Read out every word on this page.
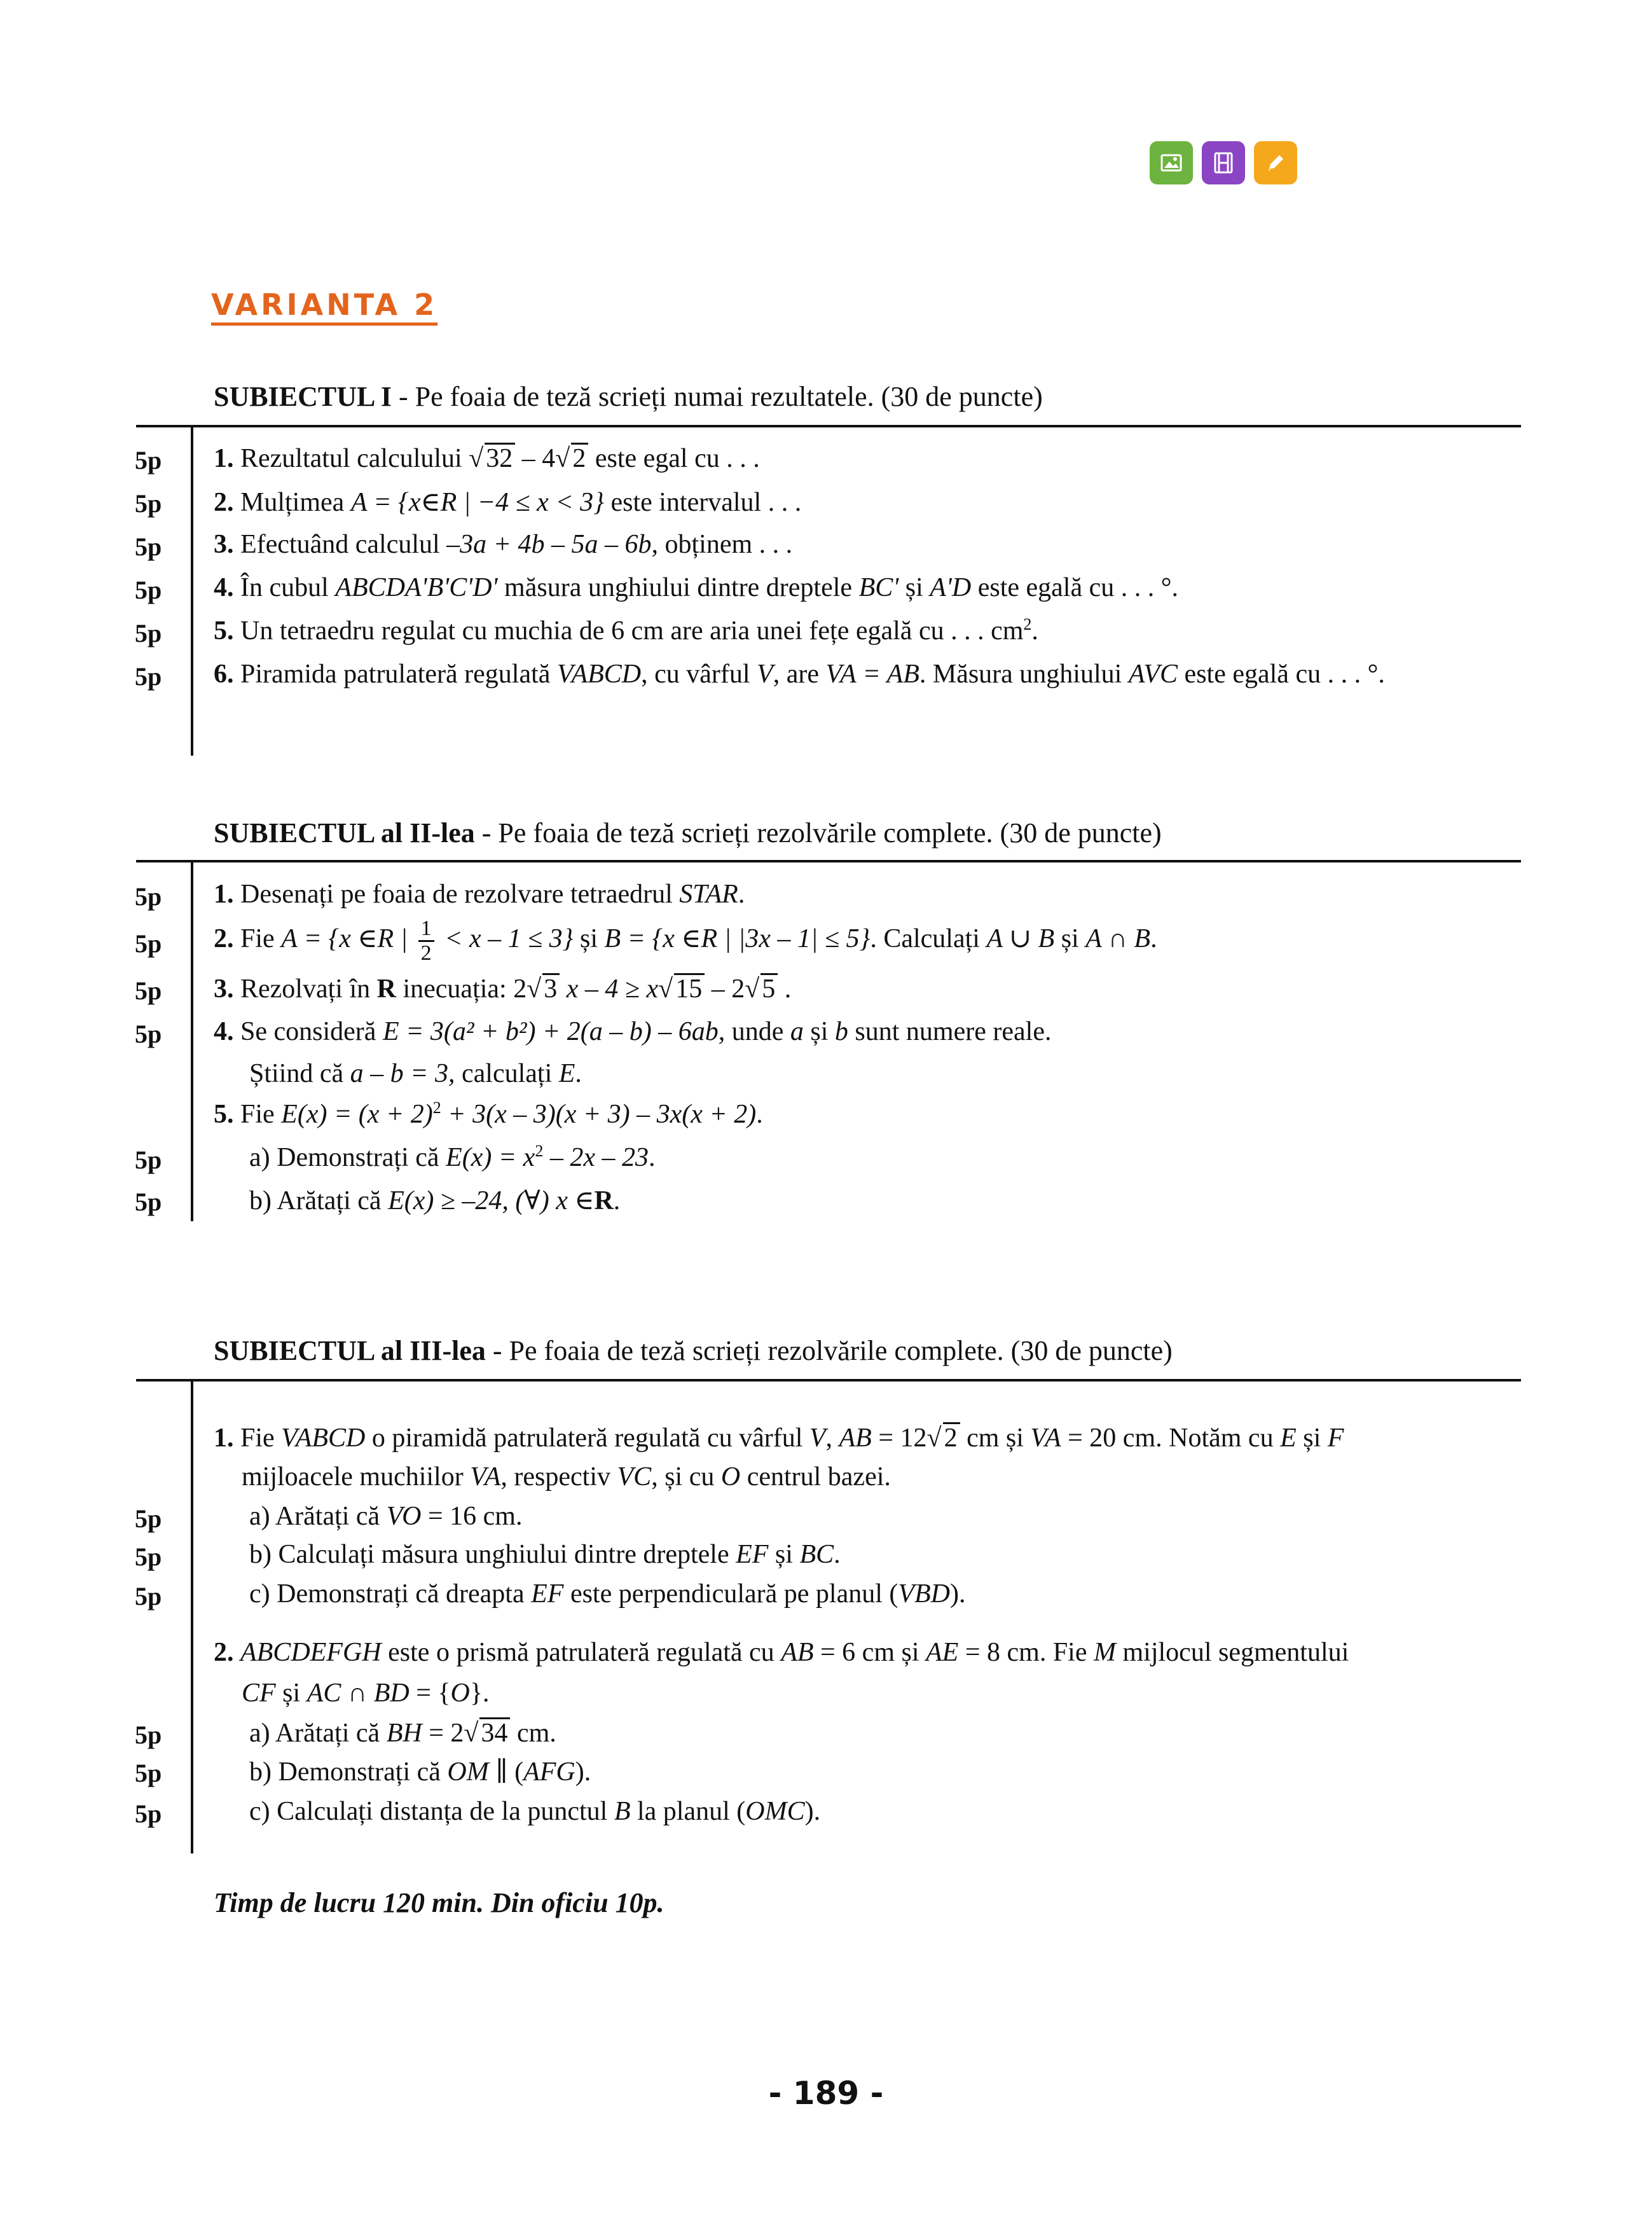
VARIANTA 2
SUBIECTUL I - Pe foaia de teză scrieți numai rezultatele. (30 de puncte)
5p
5p
5p
5p
5p
5p
1. Rezultatul calculului √32 – 4√2 este egal cu . . .
2. Mulțimea A = {x∈R | −4 ≤ x < 3} este intervalul . . .
3. Efectuând calculul –3a + 4b – 5a – 6b, obținem . . .
4. În cubul ABCDA'B'C'D' măsura unghiului dintre dreptele BC' și A'D este egală cu . . . °.
5. Un tetraedru regulat cu muchia de 6 cm are aria unei fețe egală cu . . . $cm^2$.
6. Piramida patrulateră regulată VABCD, cu vârful V, are VA = AB. Măsura unghiului AVC este egală cu . . . °.
SUBIECTUL al II-lea - Pe foaia de teză scrieți rezolvările complete. (30 de puncte)
5p
5p
5p
5p
5p
5p
1. Desenați pe foaia de rezolvare tetraedrul STAR.
2. Fie A = {x ∈R | $\frac{1}{2} < x - 1 \le 3$} și B = {x ∈R | |3x – 1| ≤ 5}. Calculați A ∪ B și A ∩ B.
3. Rezolvați în R inecuația: 2√3 x – 4 ≥ x√15 – 2√5 .
4. Se consideră E = 3(a² + b²) + 2(a – b) – 6ab, unde a și b sunt numere reale.
Știind că a – b = 3, calculați E.
5. Fie $E(x) = (x + 2)^2 + 3(x - 3)(x + 3) - 3x(x + 2)$.
a) Demonstrați că $E(x) = x^2 - 2x - 23$.
b) Arătați că E(x) ≥ –24, (∀) x ∈R.
SUBIECTUL al III-lea - Pe foaia de teză scrieți rezolvările complete. (30 de puncte)
5p
5p
5p
5p
5p
5p
1. Fie VABCD o piramidă patrulateră regulată cu vârful V, AB = 12√2 cm și VA = 20 cm. Notăm cu E și F
mijloacele muchiilor VA, respectiv VC, și cu O centrul bazei.
a) Arătați că VO = 16 cm.
b) Calculați măsura unghiului dintre dreptele EF și BC.
c) Demonstrați că dreapta EF este perpendiculară pe planul (VBD).
2. ABCDEFGH este o prismă patrulateră regulată cu AB = 6 cm și AE = 8 cm. Fie M mijlocul segmentului
CF și AC ∩ BD = {O}.
a) Arătați că BH = 2√34 cm.
b) Demonstrați că OM ∥ (AFG).
c) Calculați distanța de la punctul B la planul (OMC).
Timp de lucru 120 min. Din oficiu 10p.
- 189 -
